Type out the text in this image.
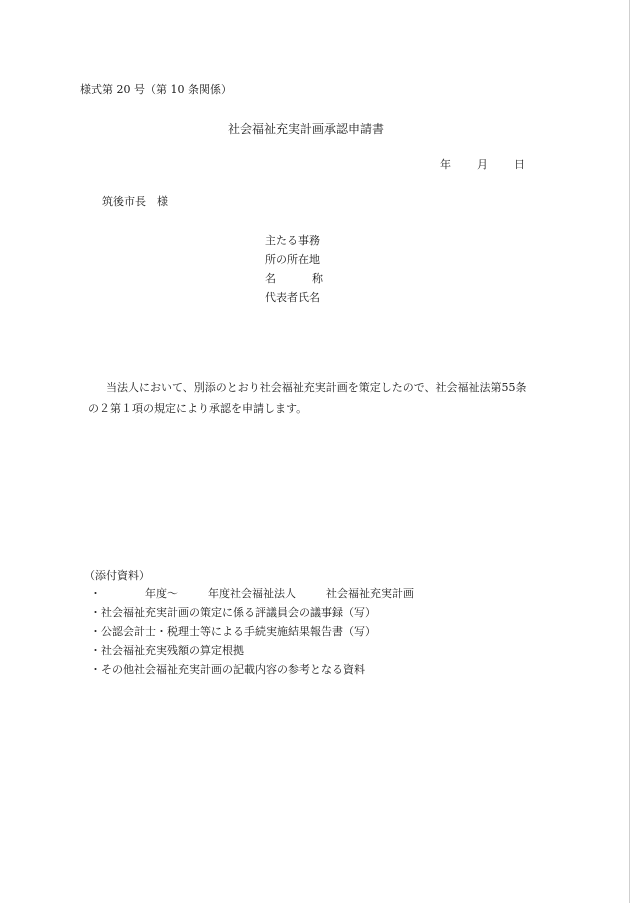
様式第 20 号（第 10 条関係）
社会福祉充実計画承認申請書
年 月 日
筑後市長　様
主たる事務
所の所在地
名	称
代表者氏名
当法人において、別添のとおり社会福祉充実計画を策定したので、社会福祉法第55条
の２第１項の規定により承認を申請します。
（添付資料）
・	年度～	年度社会福祉法人	社会福祉充実計画
・社会福祉充実計画の策定に係る評議員会の議事録（写）
・公認会計士・税理士等による手続実施結果報告書（写）
・社会福祉充実残額の算定根拠
・その他社会福祉充実計画の記載内容の参考となる資料
